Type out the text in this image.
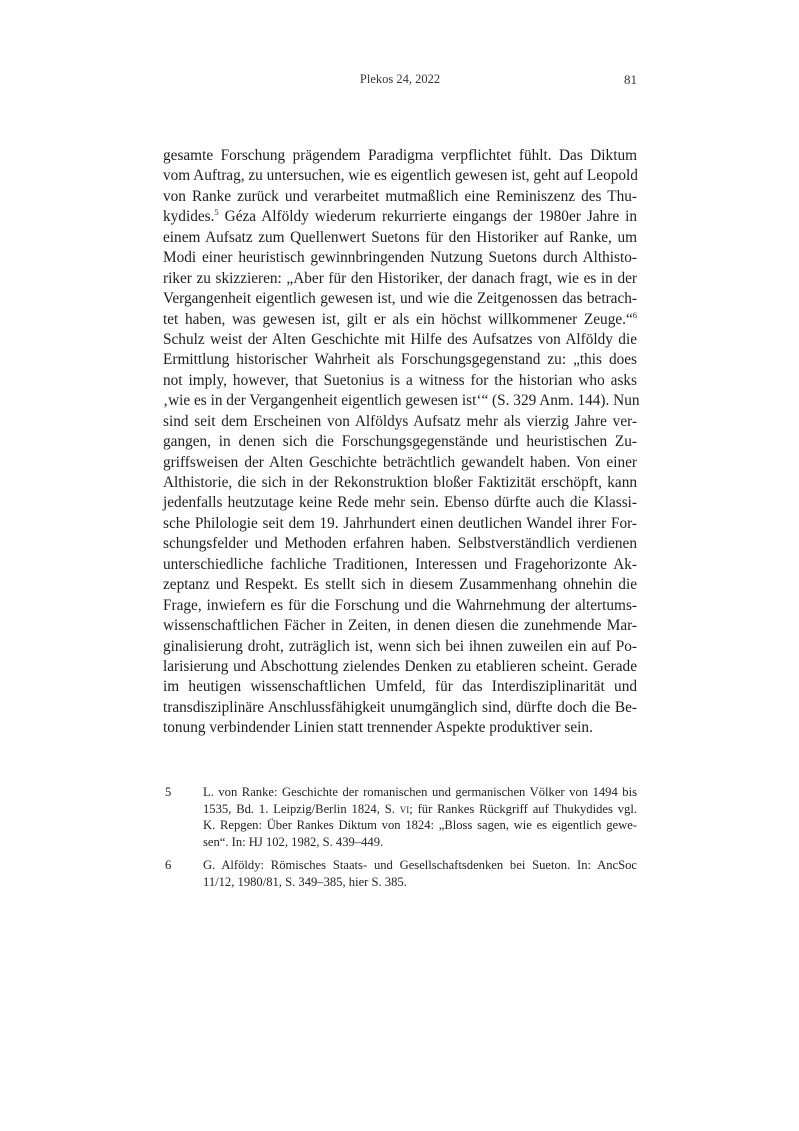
Plekos 24, 2022	81
gesamte Forschung prägendem Paradigma verpflichtet fühlt. Das Diktum
vom Auftrag, zu untersuchen, wie es eigentlich gewesen ist, geht auf Leopold
von Ranke zurück und verarbeitet mutmaßlich eine Reminiszenz des Thu-
kydides.$^5$ Géza Alföldy wiederum rekurrierte eingangs der 1980er Jahre in
einem Aufsatz zum Quellenwert Suetons für den Historiker auf Ranke, um
Modi einer heuristisch gewinnbringenden Nutzung Suetons durch Althisto-
riker zu skizzieren: „Aber für den Historiker, der danach fragt, wie es in der
Vergangenheit eigentlich gewesen ist, und wie die Zeitgenossen das betrach-
tet haben, was gewesen ist, gilt er als ein höchst willkommener Zeuge.“$^6$
Schulz weist der Alten Geschichte mit Hilfe des Aufsatzes von Alföldy die
Ermittlung historischer Wahrheit als Forschungsgegenstand zu: „this does
not imply, however, that Suetonius is a witness for the historian who asks
‚wie es in der Vergangenheit eigentlich gewesen ist‘“ (S. 329 Anm. 144). Nun
sind seit dem Erscheinen von Alföldys Aufsatz mehr als vierzig Jahre ver-
gangen, in denen sich die Forschungsgegenstände und heuristischen Zu-
griffsweisen der Alten Geschichte beträchtlich gewandelt haben. Von einer
Althistorie, die sich in der Rekonstruktion bloßer Faktizität erschöpft, kann
jedenfalls heutzutage keine Rede mehr sein. Ebenso dürfte auch die Klassi-
sche Philologie seit dem 19. Jahrhundert einen deutlichen Wandel ihrer For-
schungsfelder und Methoden erfahren haben. Selbstverständlich verdienen
unterschiedliche fachliche Traditionen, Interessen und Fragehorizonte Ak-
zeptanz und Respekt. Es stellt sich in diesem Zusammenhang ohnehin die
Frage, inwiefern es für die Forschung und die Wahrnehmung der altertums-
wissenschaftlichen Fächer in Zeiten, in denen diesen die zunehmende Mar-
ginalisierung droht, zuträglich ist, wenn sich bei ihnen zuweilen ein auf Po-
larisierung und Abschottung zielendes Denken zu etablieren scheint. Gerade
im heutigen wissenschaftlichen Umfeld, für das Interdisziplinarität und
transdisziplinäre Anschlussfähigkeit unumgänglich sind, dürfte doch die Be-
tonung verbindender Linien statt trennender Aspekte produktiver sein.
5	L. von Ranke: Geschichte der romanischen und germanischen Völker von 1494 bis
1535, Bd. 1. Leipzig/Berlin 1824, S. vi; für Rankes Rückgriff auf Thukydides vgl.
K. Repgen: Über Rankes Diktum von 1824: „Bloss sagen, wie es eigentlich gewe-
sen“. In: HJ 102, 1982, S. 439–449.
6	G. Alföldy: Römisches Staats- und Gesellschaftsdenken bei Sueton. In: AncSoc
11/12, 1980/81, S. 349–385, hier S. 385.
